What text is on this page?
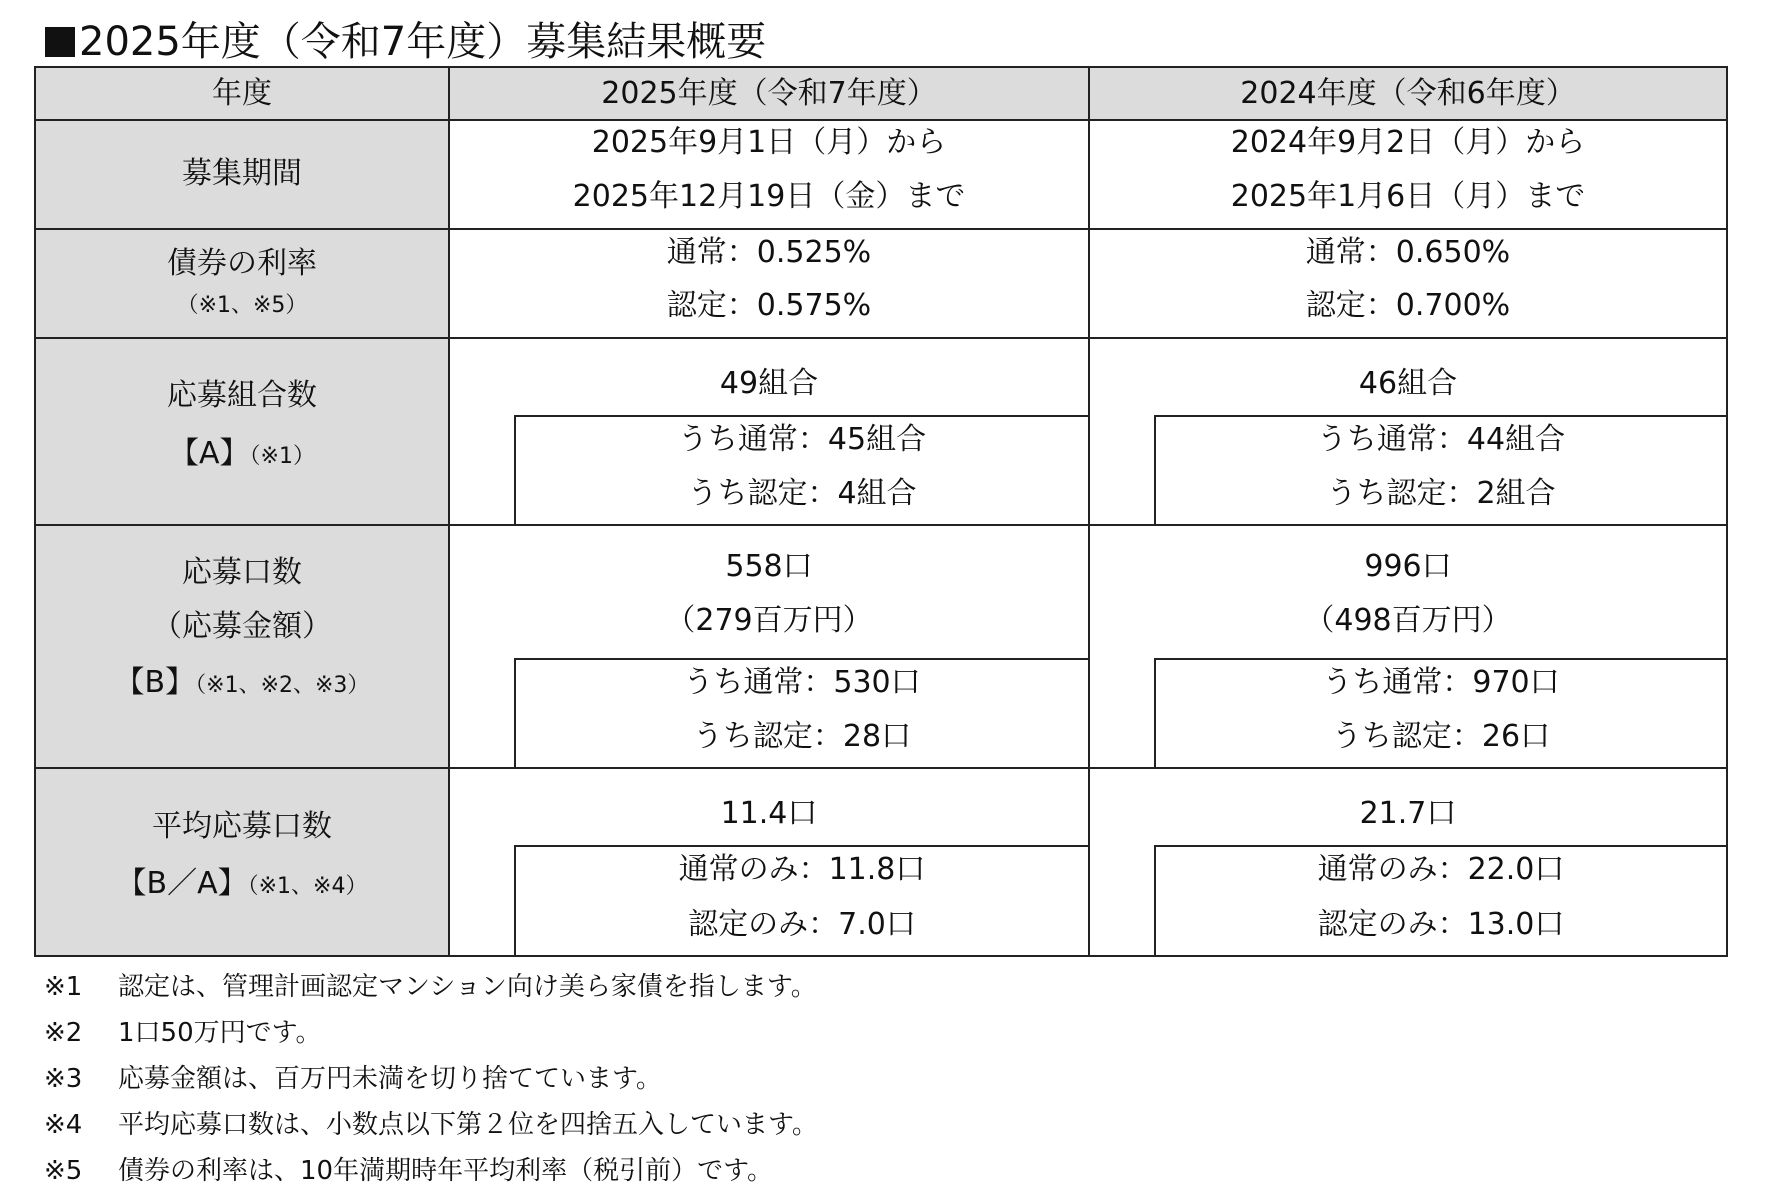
2025年度（令和7年度）募集結果概要
年度	2025年度（令和7年度）	2024年度（令和6年度）
募集期間
2025年9月1日（月）から
2025年12月19日（金）まで
2024年9月2日（月）から
2025年1月6日（月）まで
債券の利率
（※1、※5）
通常：0.525%
認定：0.575%
通常：0.650%
認定：0.700%
応募組合数
【A】（※1）
49組合
うち通常：45組合
うち認定：4組合
46組合
うち通常：44組合
うち認定：2組合
応募口数
（応募金額）
【B】（※1、※2、※3）
558口
（279百万円）
うち通常：530口
うち認定：28口
996口
（498百万円）
うち通常：970口
うち認定：26口
平均応募口数
【B／A】（※1、※4）
11.4口
通常のみ：11.8口
認定のみ：7.0口
21.7口
通常のみ：22.0口
認定のみ：13.0口
※1 認定は、管理計画認定マンション向け美ら家債を指します。
※2 1口50万円です。
※3 応募金額は、百万円未満を切り捨てています。
※4 平均応募口数は、小数点以下第２位を四捨五入しています。
※5 債券の利率は、10年満期時年平均利率（税引前）です。
